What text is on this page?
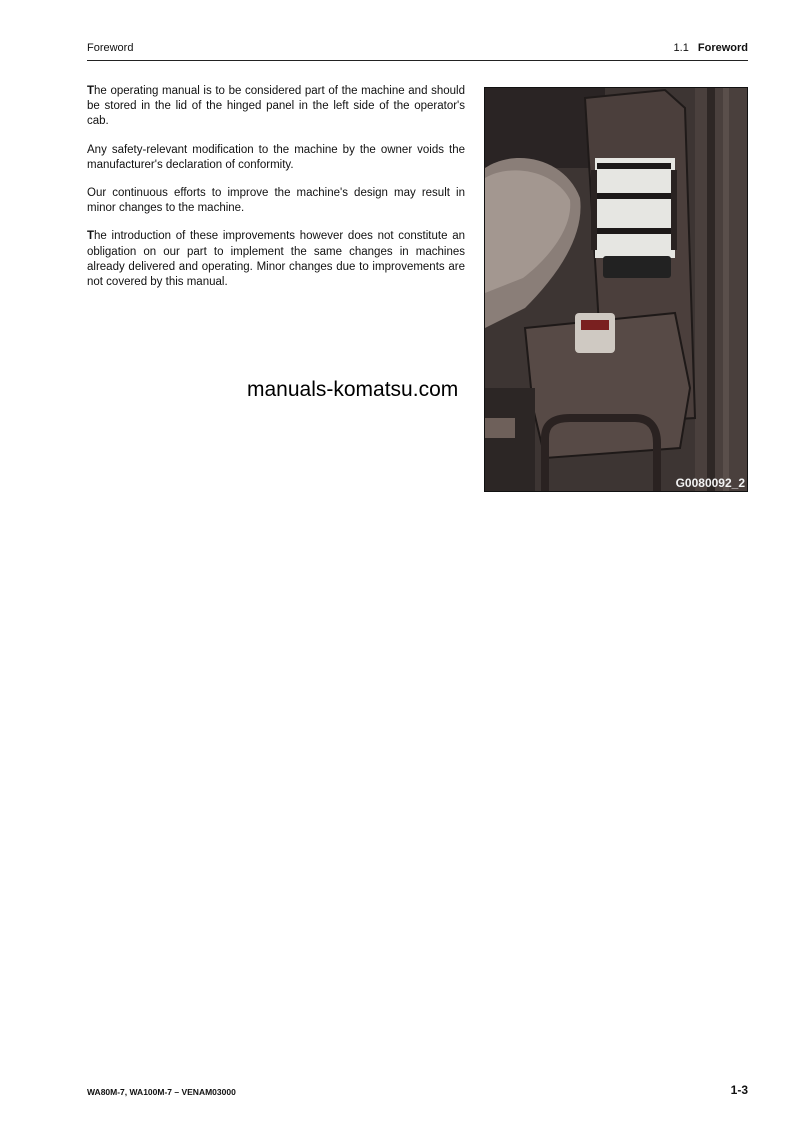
Foreword	1.1 Foreword

The operating manual is to be considered part of the machine and should be stored in the lid of the hinged panel in the left side of the operator's cab.

Any safety-relevant modification to the machine by the owner voids the manufacturer's declaration of conformity.

Our continuous efforts to improve the machine's design may result in minor changes to the machine.

The introduction of these improvements however does not constitute an obligation on our part to implement the same changes in machines already delivered and operating. Minor changes due to improvements are not covered by this manual.

G0080092_2
manuals-komatsu.com
WA80M-7, WA100M-7 – VENAM03000	1-3
